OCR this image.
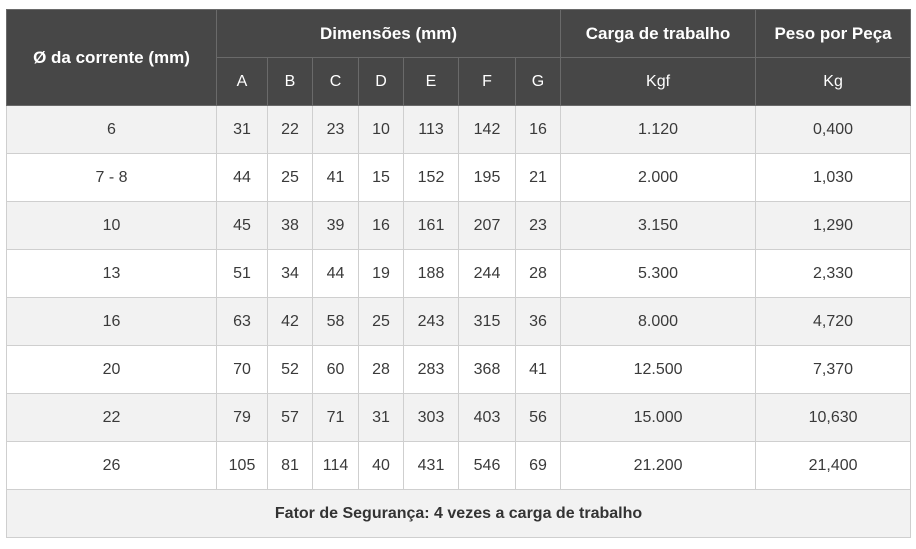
Ø da corrente (mm)	Dimensões (mm)							Carga de trabalho	Peso por Peça
	A	B	C	D	E	F	G	Kgf	Kg
6	31	22	23	10	113	142	16	1.120	0,400
7 - 8	44	25	41	15	152	195	21	2.000	1,030
10	45	38	39	16	161	207	23	3.150	1,290
13	51	34	44	19	188	244	28	5.300	2,330
16	63	42	58	25	243	315	36	8.000	4,720
20	70	52	60	28	283	368	41	12.500	7,370
22	79	57	71	31	303	403	56	15.000	10,630
26	105	81	114	40	431	546	69	21.200	21,400
Fator de Segurança: 4 vezes a carga de trabalho									
